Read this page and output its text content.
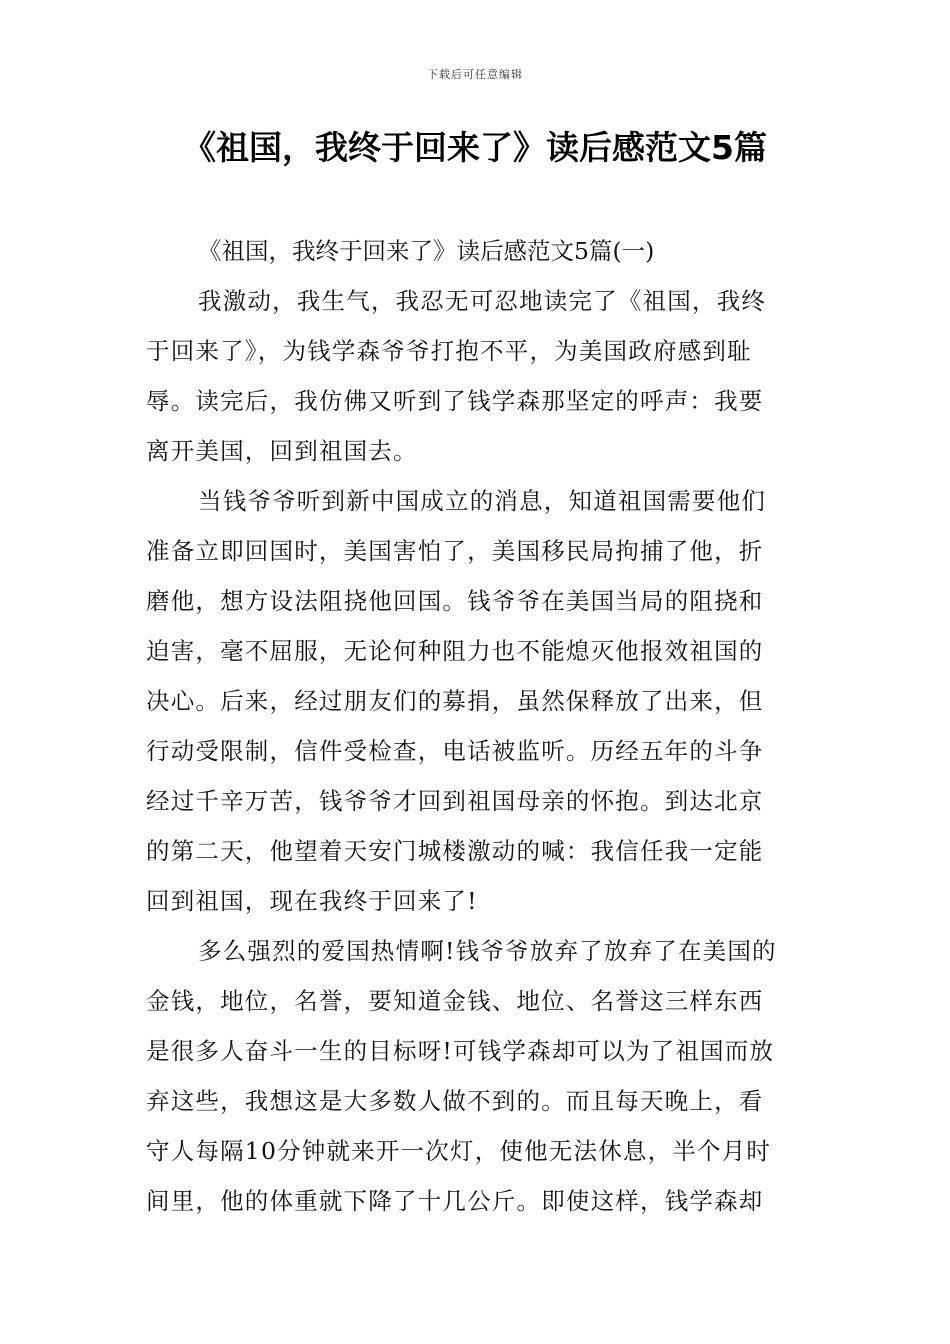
下载后可任意编辑
《祖国，我终于回来了》读后感范文5篇

《祖国，我终于回来了》读后感范文5篇(一)

我激动，我生气，我忍无可忍地读完了《祖国，我终
于回来了》，为钱学森爷爷打抱不平，为美国政府感到耻
辱。读完后，我仿佛又听到了钱学森那坚定的呼声：我要
离开美国，回到祖国去。

当钱爷爷听到新中国成立的消息，知道祖国需要他们
准备立即回国时，美国害怕了，美国移民局拘捕了他，折
磨他，想方设法阻挠他回国。钱爷爷在美国当局的阻挠和
迫害，毫不屈服，无论何种阻力也不能熄灭他报效祖国的
决心。后来，经过朋友们的募捐，虽然保释放了出来，但
行动受限制，信件受检查，电话被监听。历经五年的斗争
经过千辛万苦，钱爷爷才回到祖国母亲的怀抱。到达北京
的第二天，他望着天安门城楼激动的喊：我信任我一定能
回到祖国，现在我终于回来了!

多么强烈的爱国热情啊!钱爷爷放弃了放弃了在美国的
金钱，地位，名誉，要知道金钱、地位、名誉这三样东西
是很多人奋斗一生的目标呀!可钱学森却可以为了祖国而放
弃这些，我想这是大多数人做不到的。而且每天晚上，看
守人每隔10分钟就来开一次灯，使他无法休息，半个月时
间里，他的体重就下降了十几公斤。即使这样，钱学森却
